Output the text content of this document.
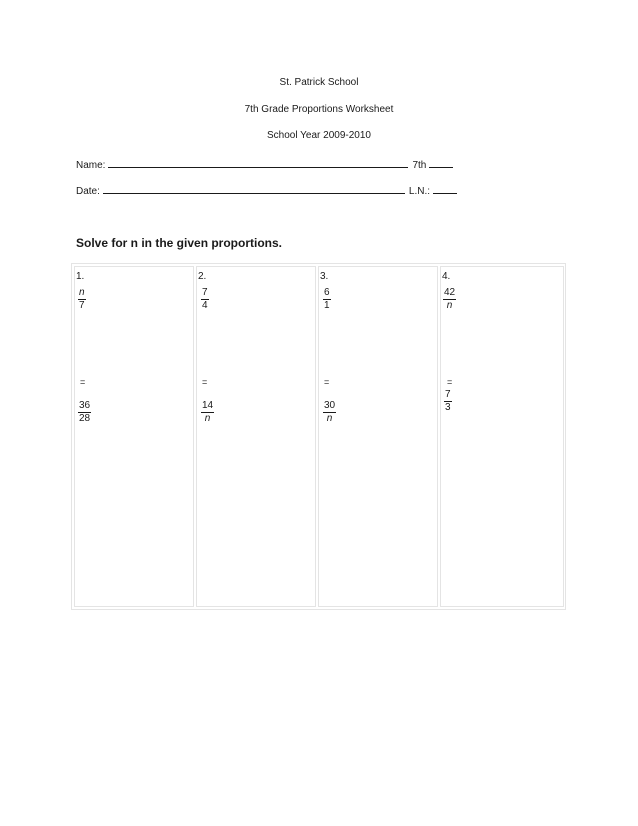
St. Patrick School
7th Grade Proportions Worksheet
School Year 2009-2010
Name:	7th
Date:	L.N.:
Solve for n in the given proportions.
1.
$\frac{n}{7}$
=
$\frac{36}{28}$
2.
$\frac{7}{4}$
=
$\frac{14}{n}$
3.
$\frac{6}{1}$
=
$\frac{30}{n}$
4.
$\frac{42}{n}$
=
$\frac{7}{3}$
